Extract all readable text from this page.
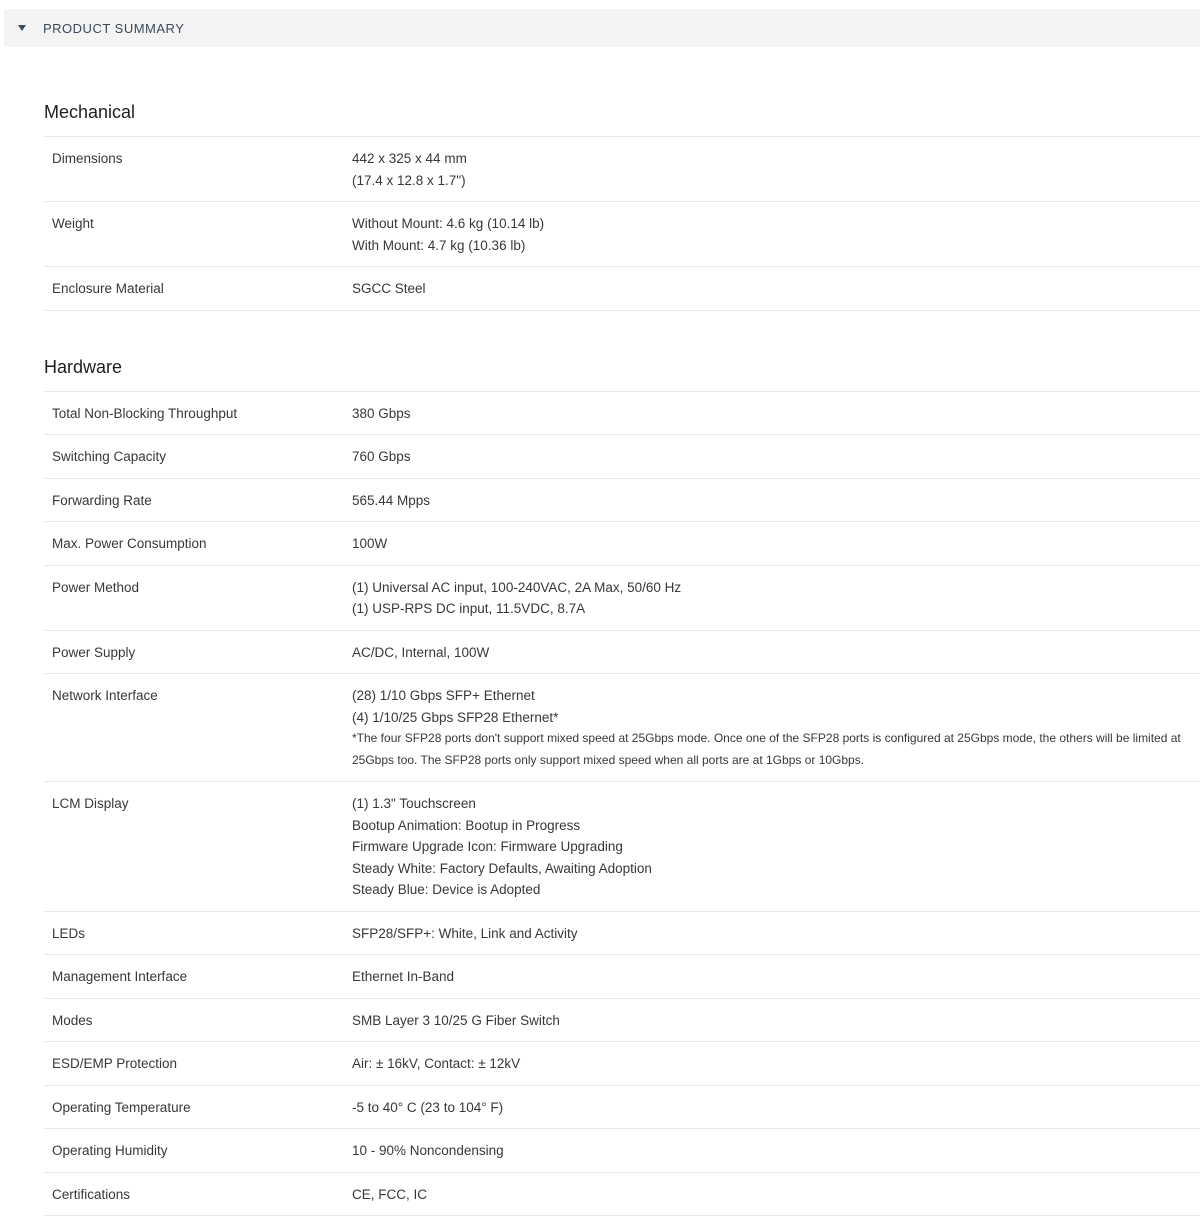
PRODUCT SUMMARY
Mechanical
Dimensions	442 x 325 x 44 mm
(17.4 x 12.8 x 1.7")
Weight	Without Mount: 4.6 kg (10.14 lb)
With Mount: 4.7 kg (10.36 lb)
Enclosure Material	SGCC Steel
Hardware
Total Non-Blocking Throughput	380 Gbps
Switching Capacity	760 Gbps
Forwarding Rate	565.44 Mpps
Max. Power Consumption	100W
Power Method	(1) Universal AC input, 100-240VAC, 2A Max, 50/60 Hz
(1) USP-RPS DC input, 11.5VDC, 8.7A
Power Supply	AC/DC, Internal, 100W
Network Interface	(28) 1/10 Gbps SFP+ Ethernet
(4) 1/10/25 Gbps SFP28 Ethernet*
*The four SFP28 ports don't support mixed speed at 25Gbps mode. Once one of the SFP28 ports is configured at 25Gbps mode, the others will be limited at 25Gbps too. The SFP28 ports only support mixed speed when all ports are at 1Gbps or 10Gbps.
LCM Display	(1) 1.3" Touchscreen
Bootup Animation: Bootup in Progress
Firmware Upgrade Icon: Firmware Upgrading
Steady White: Factory Defaults, Awaiting Adoption
Steady Blue: Device is Adopted
LEDs	SFP28/SFP+: White, Link and Activity
Management Interface	Ethernet In-Band
Modes	SMB Layer 3 10/25 G Fiber Switch
ESD/EMP Protection	Air: ± 16kV, Contact: ± 12kV
Operating Temperature	-5 to 40° C (23 to 104° F)
Operating Humidity	10 - 90% Noncondensing
Certifications	CE, FCC, IC
